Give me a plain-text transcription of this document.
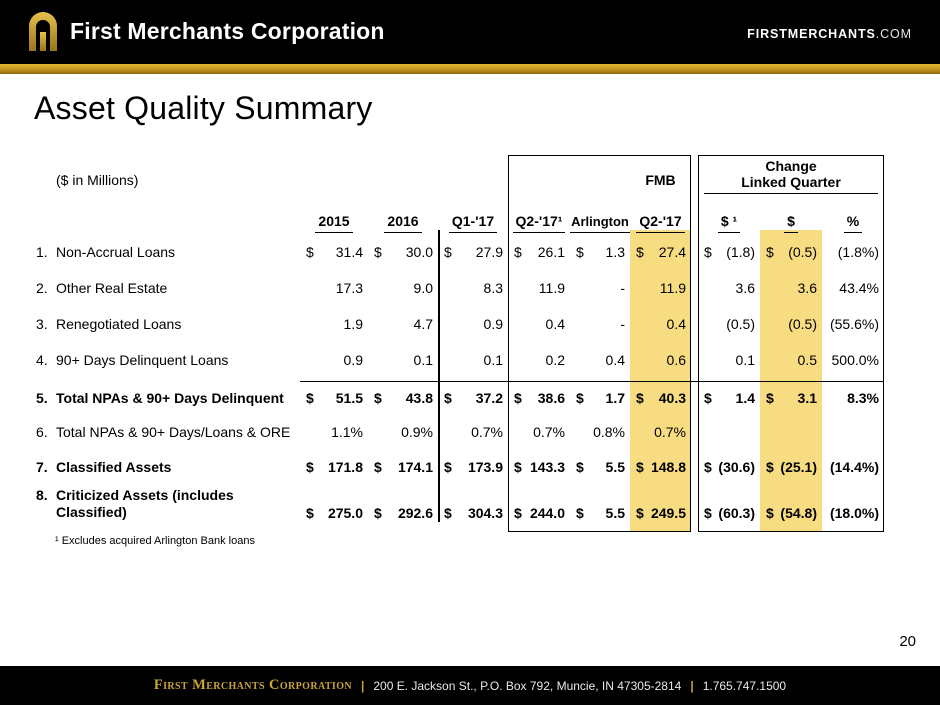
First Merchants Corporation	FIRSTMERCHANTS.COM
Asset Quality Summary
($ in Millions)	FMB
Change
Linked Quarter
2015	2016	Q1-'17	Q2-'17¹ Arlington Q2-'17	$ ¹	$	%
1. Non-Accrual Loans	$ 31.4 $ 30.0 $ 27.9 $ 26.1 $ 1.3 $ 27.4 $ (1.8) $ (0.5) (1.8%)
2. Other Real Estate	17.3	9.0	8.3	11.9	- 11.9	3.6	3.6 43.4%
3. Renegotiated Loans	1.9	4.7	0.9	0.4	-	0.4	(0.5) (0.5) (55.6%)
4. 90+ Days Delinquent Loans	0.9	0.1	0.1	0.2	0.4	0.6	0.1	0.5 500.0%
5. Total NPAs & 90+ Days Delinquent $ 51.5 $ 43.8 $ 37.2 $ 38.6 $ 1.7 $ 40.3 $ 1.4 $ 3.1 8.3%
6. Total NPAs & 90+ Days/Loans & ORE	1.1%	0.9%	0.7% 0.7% 0.8% 0.7%
7. Classified Assets	$ 171.8 $ 174.1 $ 173.9 $ 143.3 $ 5.5 $ 148.8 $ (30.6) $ (25.1) (14.4%)
8. Criticized Assets (includes
Classified)	$ 275.0 $ 292.6 $ 304.3 $ 244.0 $ 5.5 $ 249.5 $ (60.3) $ (54.8) (18.0%)
¹ Excludes acquired Arlington Bank loans
20
First Merchants Corporation | 200 E. Jackson St., P.O. Box 792, Muncie, IN 47305-2814 | 1.765.747.1500
